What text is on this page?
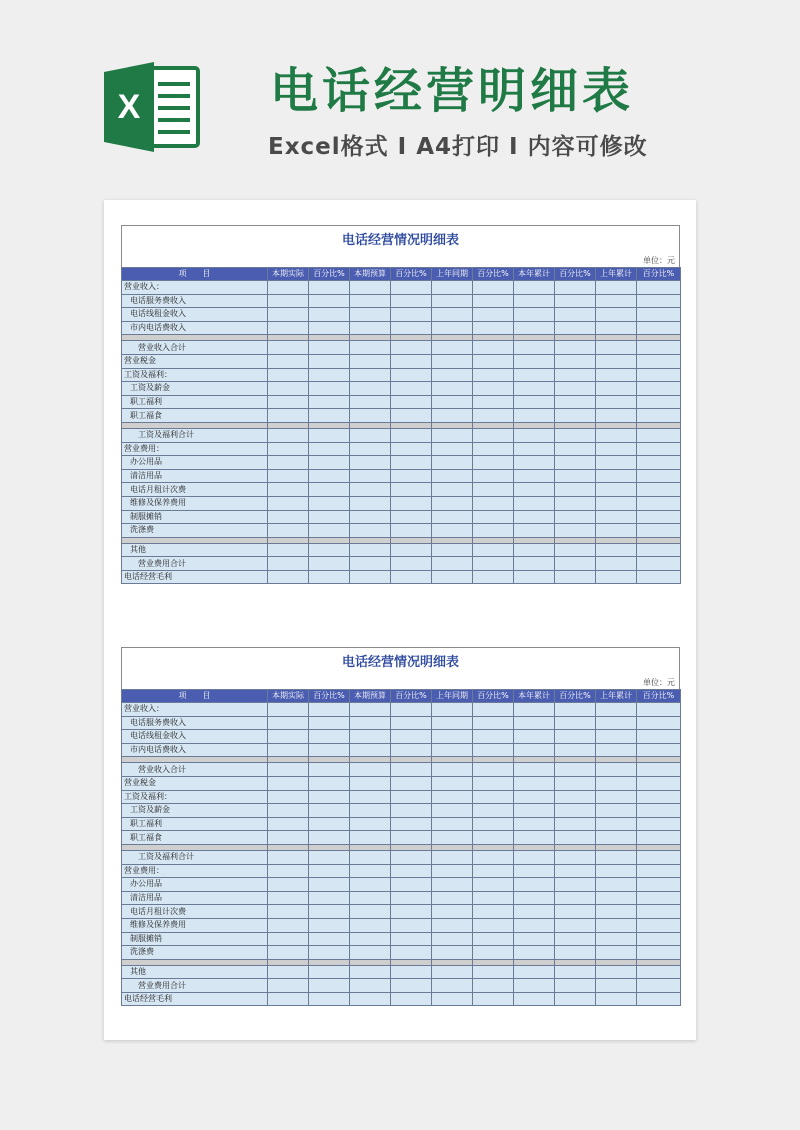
X	电话经营明细表
Excel格式 I A4打印 I 内容可修改
电话经营情况明细表
单位：元
项　　目	本期实际	百分比%	本期预算	百分比%	上年同期	百分比%	本年累计	百分比%	上年累计	百分比%
营业收入：										
电话服务费收入										
电话线租金收入										
市内电话费收入										

营业收入合计										
营业税金										
工资及福利：										
工资及薪金										
职工福利										
职工福食										

工资及福利合计										
营业费用：										
办公用品										
清洁用品										
电话月租计次费										
维修及保养费用										
制服摊销										
洗涤费										

其他										
营业费用合计										
电话经营毛利										
电话经营情况明细表
单位：元
项　　目	本期实际	百分比%	本期预算	百分比%	上年同期	百分比%	本年累计	百分比%	上年累计	百分比%
营业收入：										
电话服务费收入										
电话线租金收入										
市内电话费收入										

营业收入合计										
营业税金										
工资及福利：										
工资及薪金										
职工福利										
职工福食										

工资及福利合计										
营业费用：										
办公用品										
清洁用品										
电话月租计次费										
维修及保养费用										
制服摊销										
洗涤费										

其他										
营业费用合计										
电话经营毛利										
